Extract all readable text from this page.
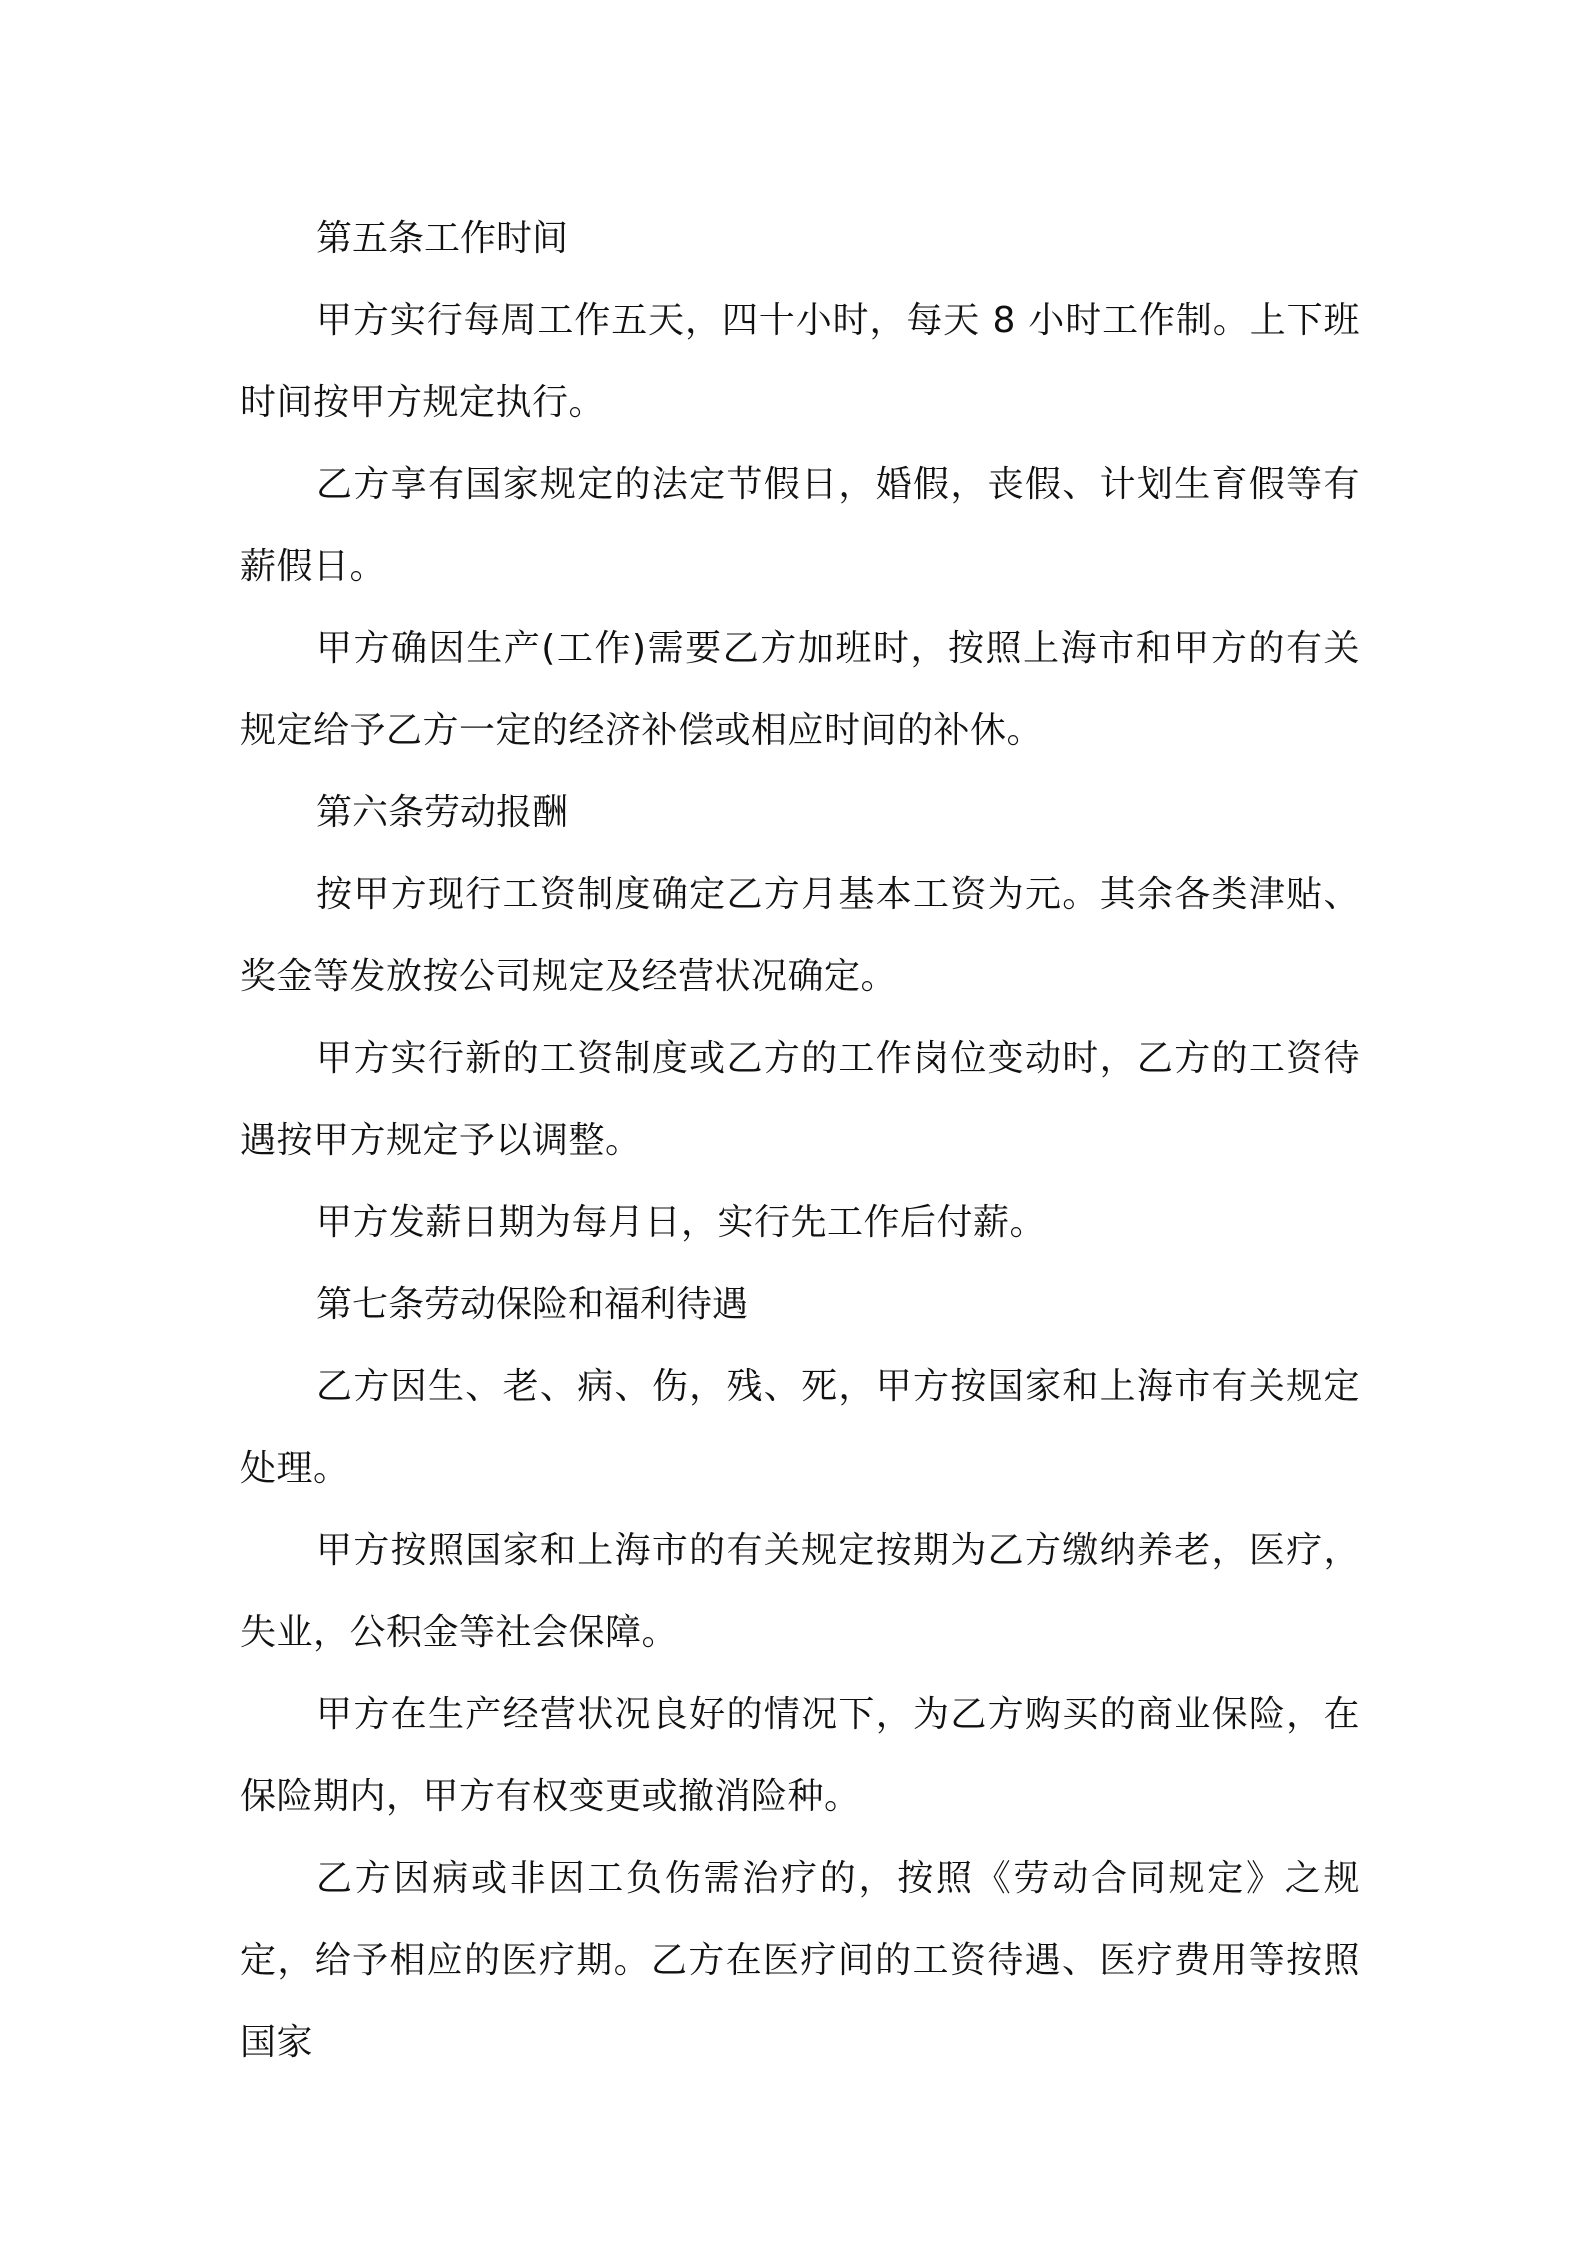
第五条工作时间

甲方实行每周工作五天，四十小时，每天 8 小时工作制。上下班时间按甲方规定执行。

乙方享有国家规定的法定节假日，婚假，丧假、计划生育假等有薪假日。

甲方确因生产(工作)需要乙方加班时，按照上海市和甲方的有关规定给予乙方一定的经济补偿或相应时间的补休。

第六条劳动报酬

按甲方现行工资制度确定乙方月基本工资为元。其余各类津贴、奖金等发放按公司规定及经营状况确定。

甲方实行新的工资制度或乙方的工作岗位变动时，乙方的工资待遇按甲方规定予以调整。

甲方发薪日期为每月日，实行先工作后付薪。

第七条劳动保险和福利待遇

乙方因生、老、病、伤，残、死，甲方按国家和上海市有关规定处理。

甲方按照国家和上海市的有关规定按期为乙方缴纳养老，医疗，失业，公积金等社会保障。

甲方在生产经营状况良好的情况下，为乙方购买的商业保险，在保险期内，甲方有权变更或撤消险种。

乙方因病或非因工负伤需治疗的，按照《劳动合同规定》之规定，给予相应的医疗期。乙方在医疗间的工资待遇、医疗费用等按照国家
